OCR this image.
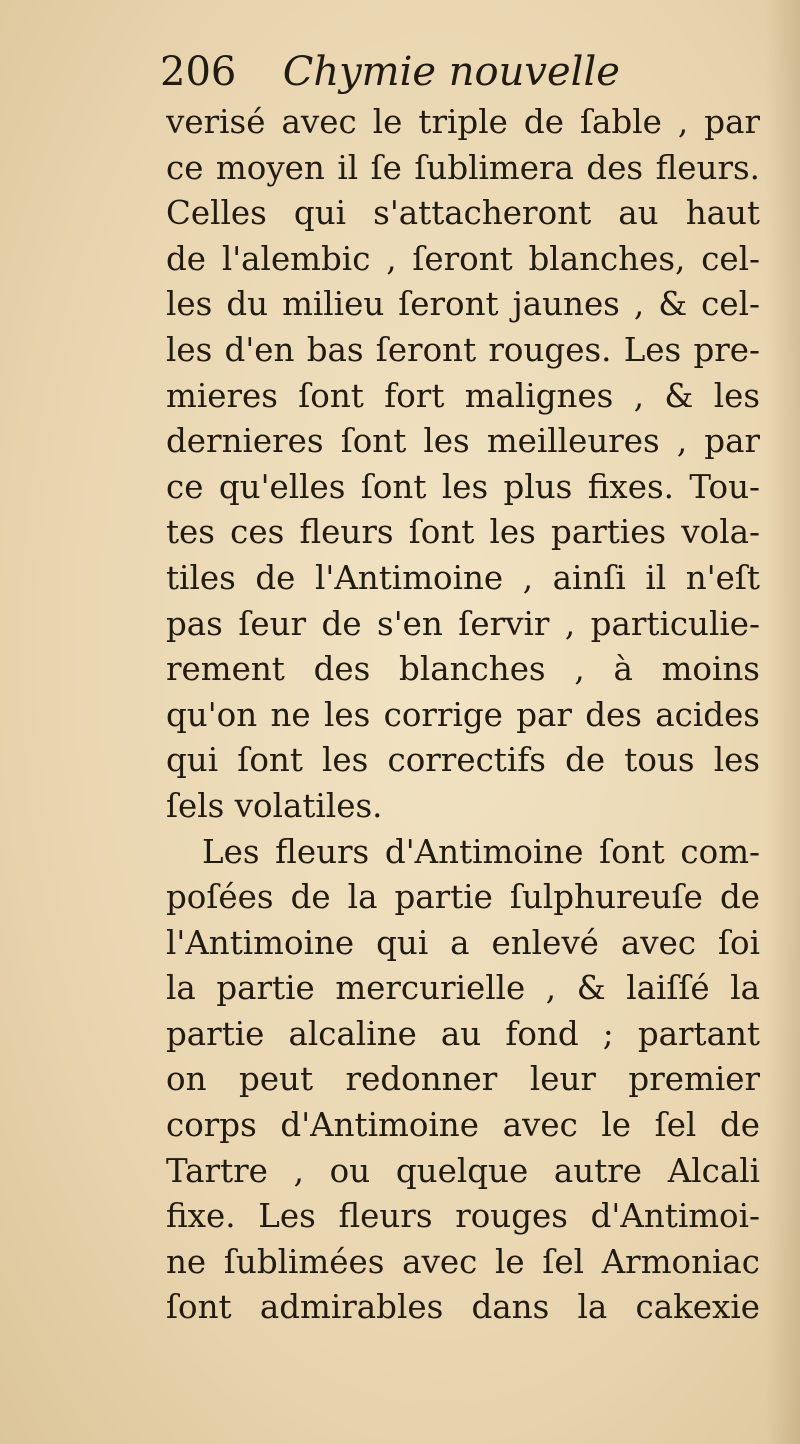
206 Chymie nouvelle
verisé avec le triple de ſable , par
ce moyen il ſe ſublimera des fleurs.
Celles qui s'attacheront au haut
de l'alembic , ſeront blanches, cel-
les du milieu ſeront jaunes , & cel-
les d'en bas ſeront rouges. Les pre-
mieres ſont fort malignes , & les
dernieres ſont les meilleures , par
ce qu'elles ſont les plus fixes. Tou-
tes ces fleurs ſont les parties vola-
tiles de l'Antimoine , ainſi il n'eſt
pas ſeur de s'en ſervir , particulie-
rement des blanches , à moins
qu'on ne les corrige par des acides
qui ſont les correctifs de tous les
ſels volatiles.
Les fleurs d'Antimoine ſont com-
poſées de la partie ſulphureuſe de
l'Antimoine qui a enlevé avec ſoi
la partie mercurielle , & laiſſé la
partie alcaline au fond ; partant
on peut redonner leur premier
corps d'Antimoine avec le ſel de
Tartre , ou quelque autre Alcali
fixe. Les fleurs rouges d'Antimoi-
ne ſublimées avec le ſel Armoniac
ſont admirables dans la cakexie
